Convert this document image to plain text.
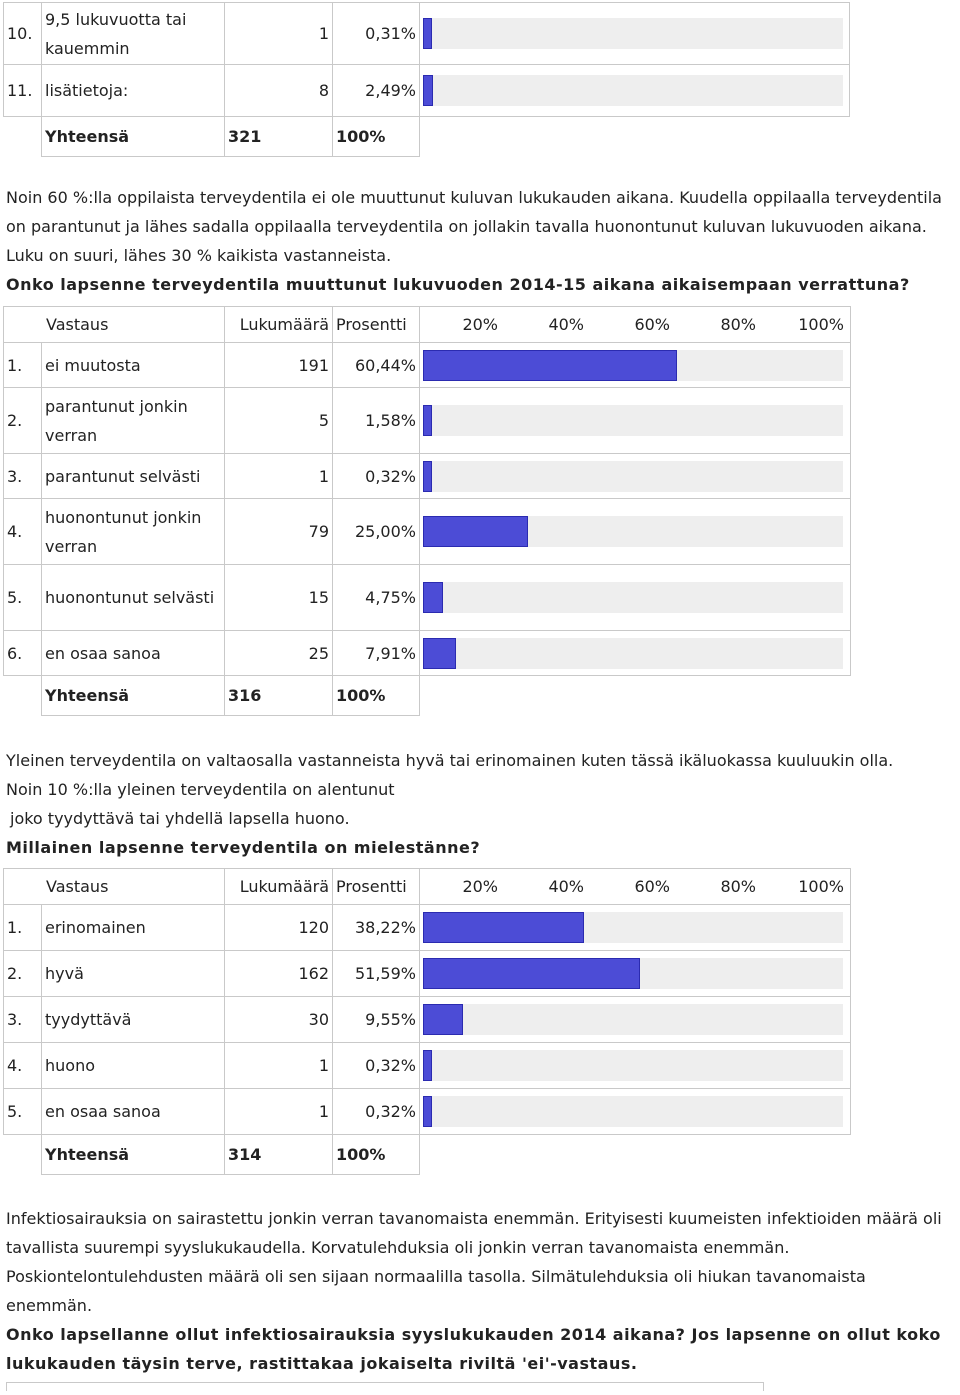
10.	9,5 lukuvuotta tai kauemmin	1	0,31%	

11.	lisätietoja:	8	2,49%	

	Yhteensä	321	100%	

Noin 60 %:lla oppilaista terveydentila ei ole muuttunut kuluvan lukukauden aikana. Kuudella oppilaalla terveydentila on parantunut ja lähes sadalla oppilaalla terveydentila on jollakin tavalla huonontunut kuluvan lukuvuoden aikana. Luku on suuri, lähes 30 % kaikista vastanneista.

Onko lapsenne terveydentila muuttunut lukuvuoden 2014-15 aikana aikaisempaan verrattuna?

Vastaus		Lukumäärä	Prosentti	20% 40% 60% 80% 100%

1.	ei muutosta	191	60,44%	

2.	parantunut jonkin verran	5	1,58%	

3.	parantunut selvästi	1	0,32%	

4.	huonontunut jonkin verran	79	25,00%	

5.	huonontunut selvästi	15	4,75%	

6.	en osaa sanoa	25	7,91%	

	Yhteensä	316	100%	

Yleinen terveydentila on valtaosalla vastanneista hyvä tai erinomainen kuten tässä ikäluokassa kuuluukin olla.

Noin 10 %:lla yleinen terveydentila on alentunut

joko tyydyttävä tai yhdellä lapsella huono.

Millainen lapsenne terveydentila on mielestänne?

Vastaus		Lukumäärä	Prosentti	20% 40% 60% 80% 100%

1.	erinomainen	120	38,22%	

2.	hyvä	162	51,59%	

3.	tyydyttävä	30	9,55%	

4.	huono	1	0,32%	

5.	en osaa sanoa	1	0,32%	

	Yhteensä	314	100%	

Infektiosairauksia on sairastettu jonkin verran tavanomaista enemmän. Erityisesti kuumeisten infektioiden määrä oli tavallista suurempi syyslukukaudella. Korvatulehduksia oli jonkin verran tavanomaista enemmän. Poskiontelontulehdusten määrä oli sen sijaan normaalilla tasolla. Silmätulehduksia oli hiukan tavanomaista enemmän.

Onko lapsellanne ollut infektiosairauksia syyslukukauden 2014 aikana? Jos lapsenne on ollut koko lukukauden täysin terve, rastittakaa jokaiselta riviltä 'ei'-vastaus.
